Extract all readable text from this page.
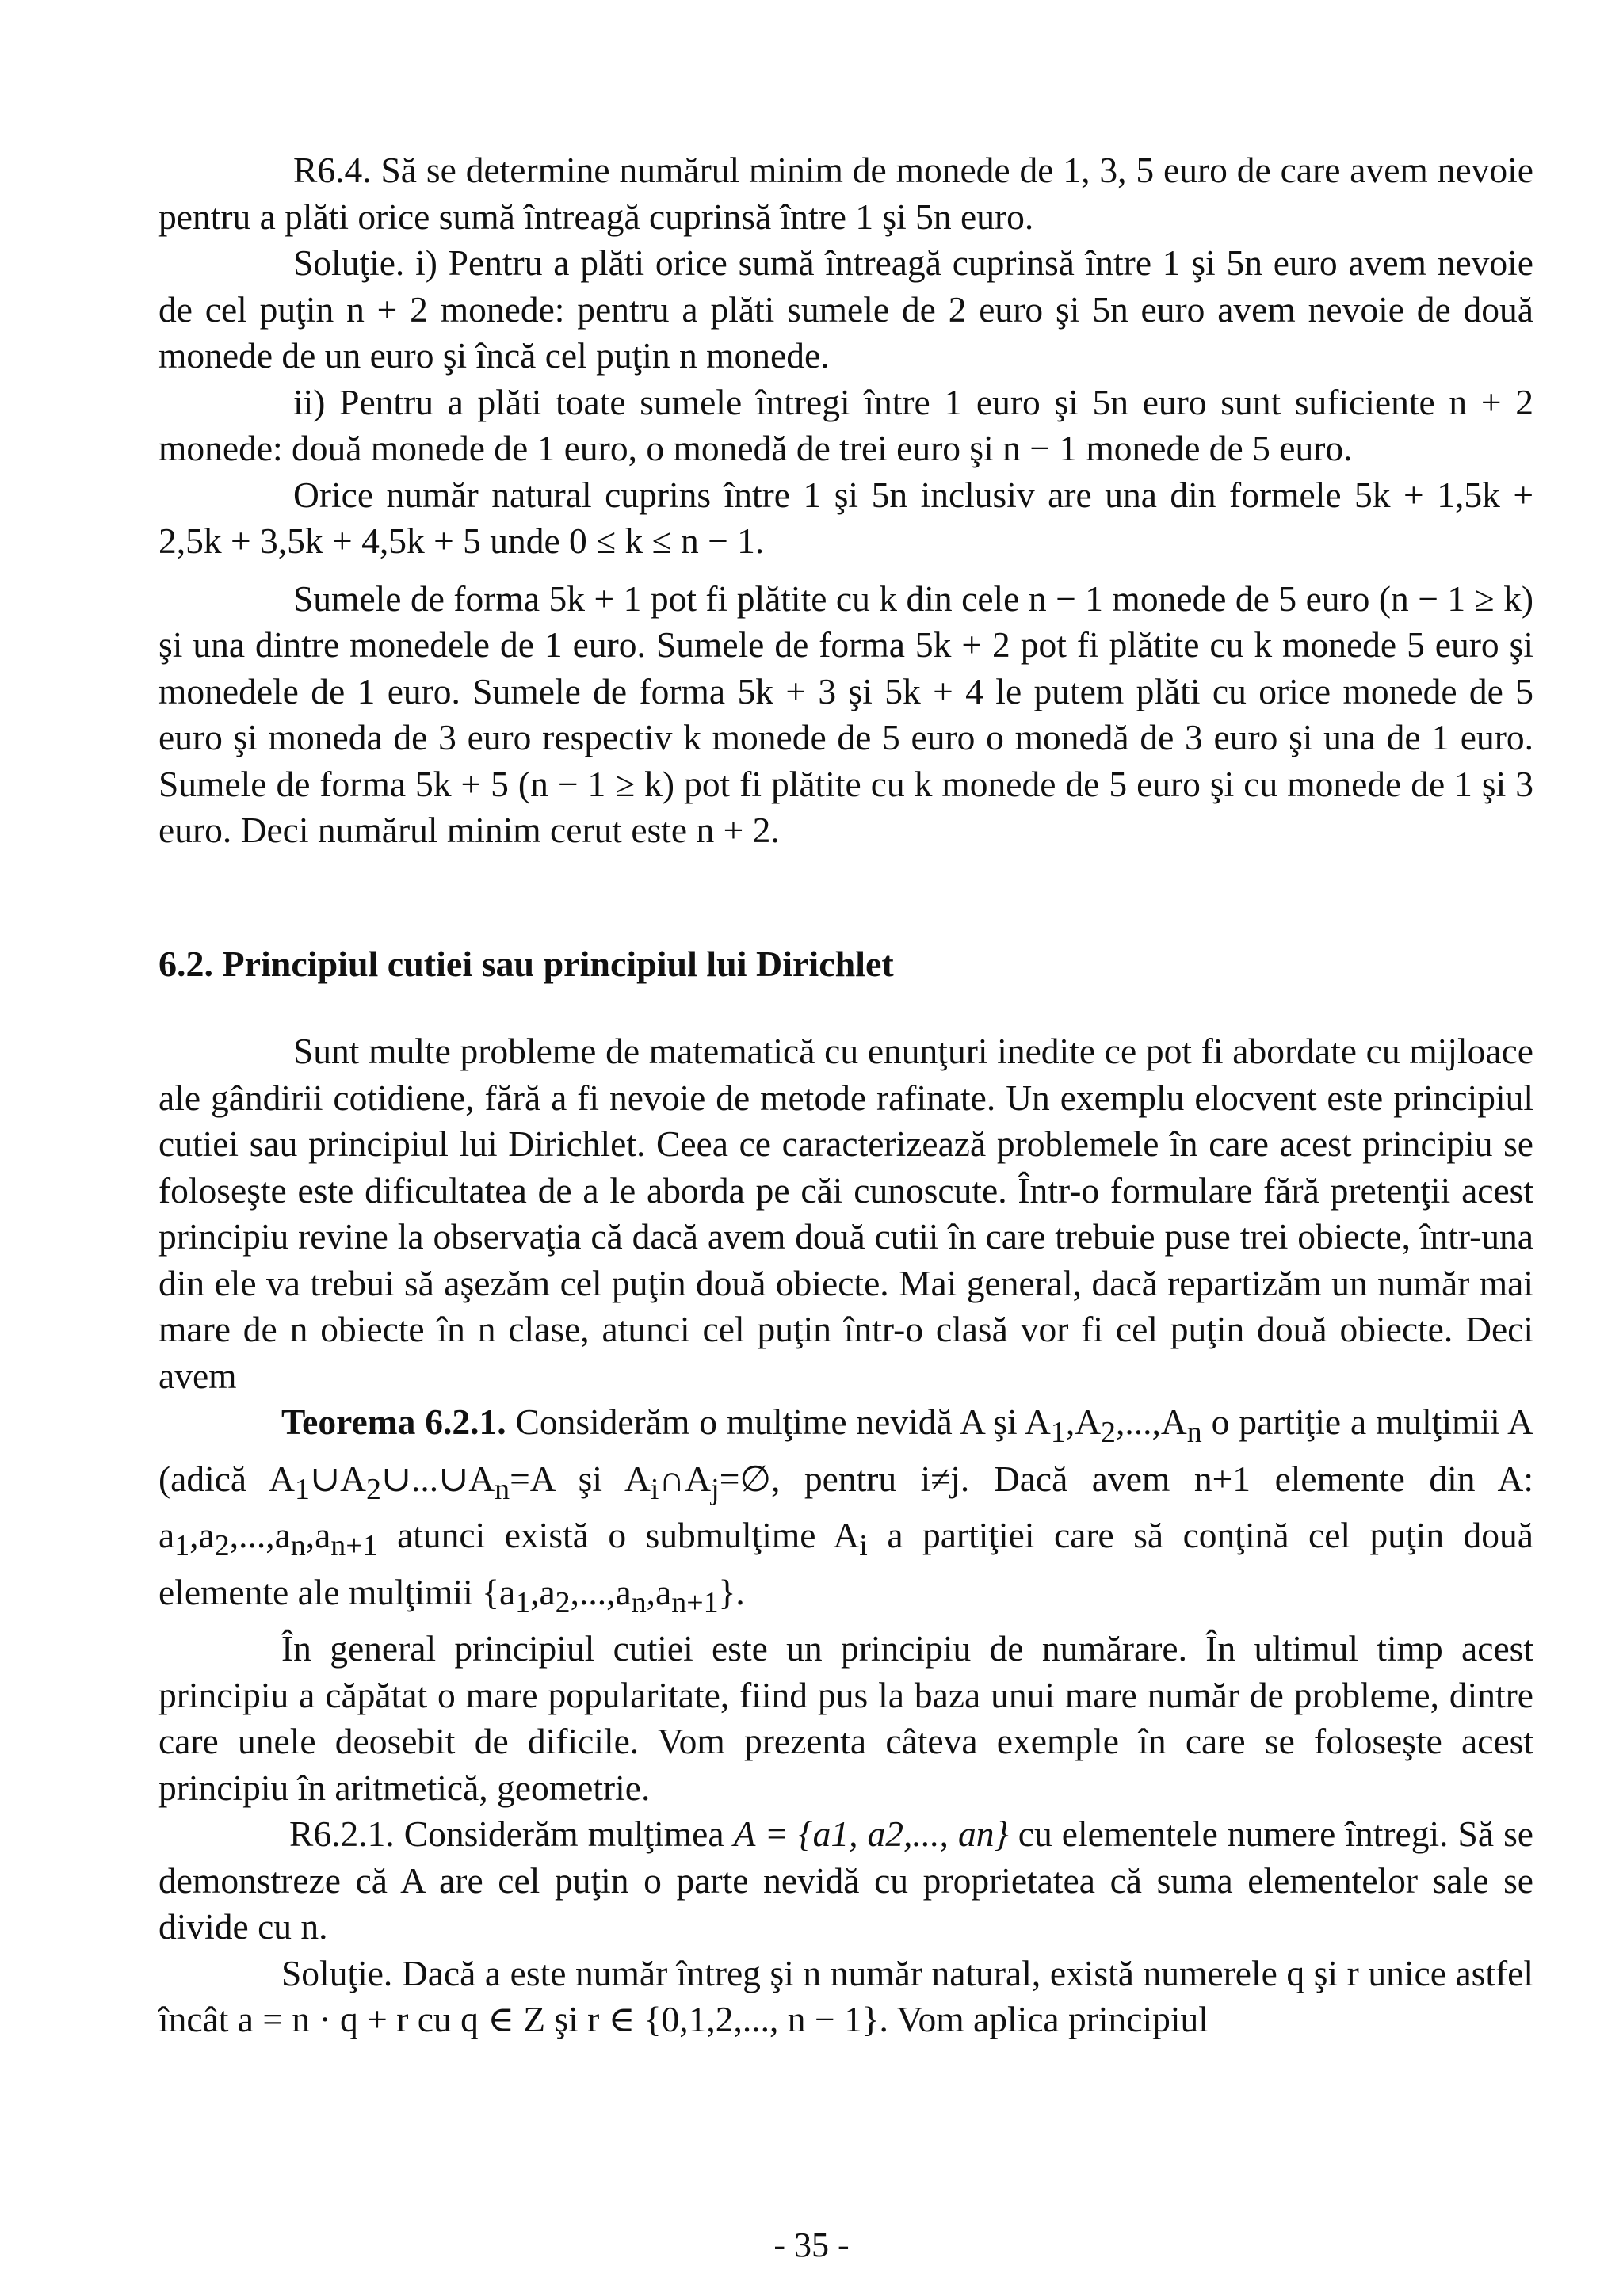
R6.4. Să se determine numărul minim de monede de 1, 3, 5 euro de care avem nevoie pentru a plăti orice sumă întreagă cuprinsă între 1 şi 5n euro.

Soluţie. i) Pentru a plăti orice sumă întreagă cuprinsă între 1 şi 5n euro avem nevoie de cel puţin n + 2 monede: pentru a plăti sumele de 2 euro şi 5n euro avem nevoie de două monede de un euro şi încă cel puţin n monede.

ii) Pentru a plăti toate sumele întregi între 1 euro şi 5n euro sunt suficiente n + 2 monede: două monede de 1 euro, o monedă de trei euro şi n − 1 monede de 5 euro.

Orice număr natural cuprins între 1 şi 5n inclusiv are una din formele 5k + 1,5k + 2,5k + 3,5k + 4,5k + 5 unde 0 ≤ k ≤ n − 1.

Sumele de forma 5k + 1 pot fi plătite cu k din cele n − 1 monede de 5 euro (n − 1 ≥ k) şi una dintre monedele de 1 euro. Sumele de forma 5k + 2 pot fi plătite cu k monede 5 euro şi monedele de 1 euro. Sumele de forma 5k + 3 şi 5k + 4 le putem plăti cu orice monede de 5 euro şi moneda de 3 euro respectiv k monede de 5 euro o monedă de 3 euro şi una de 1 euro. Sumele de forma 5k + 5 (n − 1 ≥ k) pot fi plătite cu k monede de 5 euro şi cu monede de 1 şi 3 euro. Deci numărul minim cerut este n + 2.

6.2. Principiul cutiei sau principiul lui Dirichlet

Sunt multe probleme de matematică cu enunţuri inedite ce pot fi abordate cu mijloace ale gândirii cotidiene, fără a fi nevoie de metode rafinate. Un exemplu elocvent este principiul cutiei sau principiul lui Dirichlet. Ceea ce caracterizează problemele în care acest principiu se foloseşte este dificultatea de a le aborda pe căi cunoscute. Într-o formulare fără pretenţii acest principiu revine la observaţia că dacă avem două cutii în care trebuie puse trei obiecte, într-una din ele va trebui să aşezăm cel puţin două obiecte. Mai general, dacă repartizăm un număr mai mare de n obiecte în n clase, atunci cel puţin într-o clasă vor fi cel puţin două obiecte. Deci avem

Teorema 6.2.1. Considerăm o mulţime nevidă A şi $A_1,A_2,...,A_n$ o partiţie a mulţimii A (adică $A_1\cup A_2\cup...\cup A_n=A$ şi $A_i\cap A_j=\emptyset$, pentru i≠j. Dacă avem n+1 elemente din A: $a_1,a_2,...,a_n,a_{n+1}$ atunci există o submulţime $A_i$ a partiţiei care să conţină cel puţin două elemente ale mulţimii $\{a_1,a_2,...,a_n,a_{n+1}\}$.

În general principiul cutiei este un principiu de numărare. În ultimul timp acest principiu a căpătat o mare popularitate, fiind pus la baza unui mare număr de probleme, dintre care unele deosebit de dificile. Vom prezenta câteva exemple în care se foloseşte acest principiu în aritmetică, geometrie.

R6.2.1. Considerăm mulţimea A = {a1, a2,..., an} cu elementele numere întregi. Să se demonstreze că A are cel puţin o parte nevidă cu proprietatea că suma elementelor sale se divide cu n.

Soluţie. Dacă a este număr întreg şi n număr natural, există numerele q şi r unice astfel încât a = n · q + r cu q ∈ Z şi r ∈ {0,1,2,..., n − 1}. Vom aplica principiul

- 35 -
